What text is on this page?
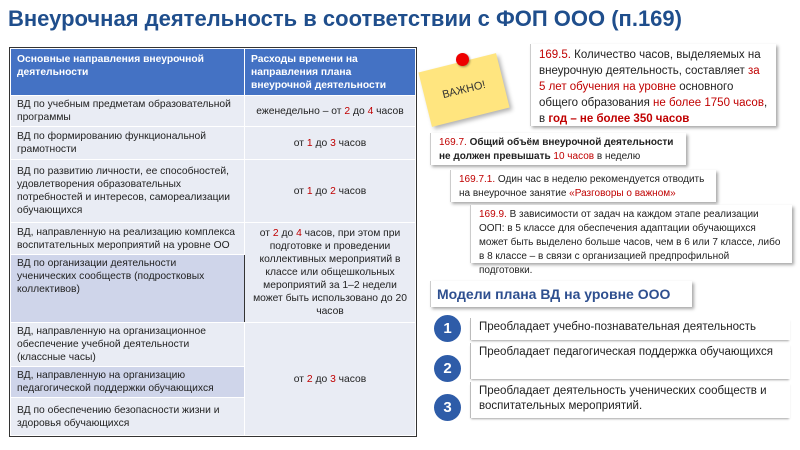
Внеурочная деятельность в соответствии с ФОП ООО (п.169)
Основные направления внеурочной деятельности	Расходы времени на направления плана внеурочной деятельности
ВД по учебным предметам образовательной программы	еженедельно – от 2 до 4 часов
ВД по формированию функциональной грамотности	от 1 до 3 часов
ВД по развитию личности, ее способностей, удовлетворения образовательных потребностей и интересов, самореализации обучающихся	от 1 до 2 часов
ВД, направленную на реализацию комплекса воспитательных мероприятий на уровне ОО	от 2 до 4 часов, при этом при подготовке и проведении коллективных мероприятий в классе или общешкольных мероприятий за 1–2 недели может быть использовано до 20 часов
ВД по организации деятельности ученических сообществ (подростковых коллективов)	
ВД, направленную на организационное обеспечение учебной деятельности (классные часы)	от 2 до 3 часов
ВД, направленную на организацию педагогической поддержки обучающихся	
ВД по обеспечению безопасности жизни и здоровья обучающихся	
ВАЖНО!
169.5. Количество часов, выделяемых на внеурочную деятельность, составляет за 5 лет обучения на уровне основного общего образования не более 1750 часов, в год – не более 350 часов
169.7. Общий объём внеурочной деятельности не должен превышать 10 часов в неделю
169.7.1. Один час в неделю рекомендуется отводить на внеурочное занятие «Разговоры о важном»
169.9. В зависимости от задач на каждом этапе реализации ООП: в 5 классе для обеспечения адаптации обучающихся может быть выделено больше часов, чем в 6 или 7 классе, либо в 8 классе – в связи с организацией предпрофильной подготовки.
Модели плана ВД на уровне ООО
1	Преобладает учебно-познавательная деятельность
2
Преобладает педагогическая поддержка обучающихся
3
Преобладает деятельность ученических сообществ и воспитательных мероприятий.
